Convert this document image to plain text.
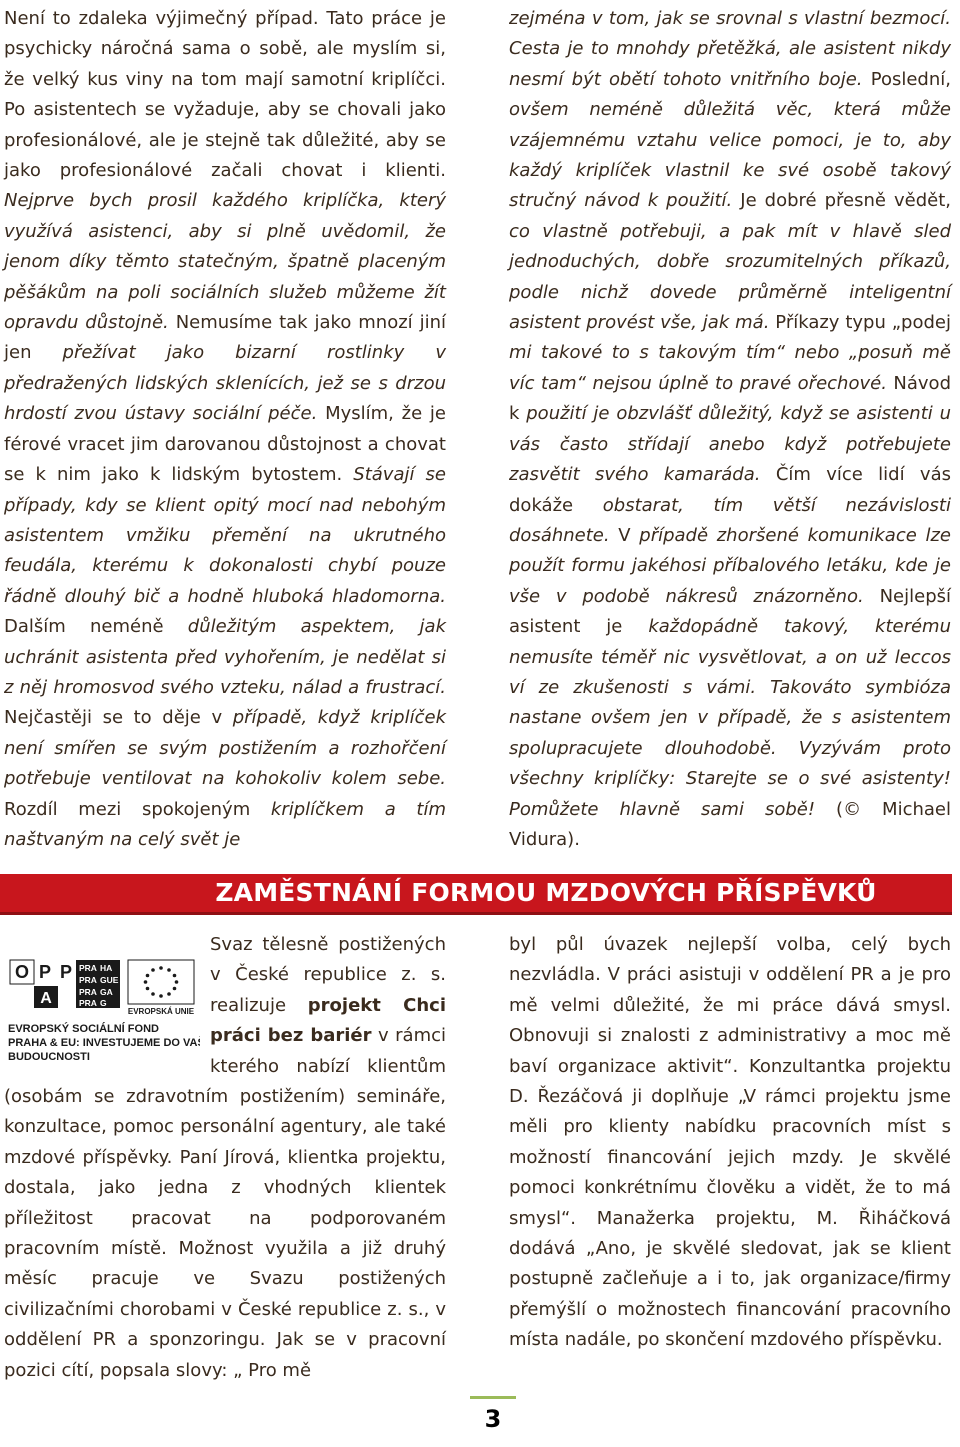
Není to zdaleka výjimečný případ. Tato práce je psychicky náročná sama o sobě, ale myslím si, že velký kus viny na tom mají samotní kriplíčci. Po asistentech se vyžaduje, aby se chovali jako profesionálové, ale je stejně tak důležité, aby se jako profesionálové začali chovat i klienti. Nejprve bych prosil každého kriplíčka, který využívá asistenci, aby si plně uvědomil, že jenom díky těmto statečným, špatně placeným pěšákům na poli sociálních služeb můžeme žít opravdu důstojně. Nemusíme tak jako mnozí jiní jen přežívat jako bizarní rostlinky v předražených lidských sklenících, jež se s drzou hrdostí zvou ústavy sociální péče. Myslím, že je férové vracet jim darovanou důstojnost a chovat se k nim jako k lidským bytostem. Stávají se případy, kdy se klient opitý mocí nad nebohým asistentem vmžiku přemění na ukrutného feudála, kterému k dokonalosti chybí pouze řádně dlouhý bič a hodně hluboká hladomorna. Dalším neméně důležitým aspektem, jak uchránit asistenta před vyhořením, je nedělat si z něj hromosvod svého vzteku, nálad a frustrací. Nejčastěji se to děje v případě, když kriplíček není smířen se svým postižením a rozhořčení potřebuje ventilovat na kohokoliv kolem sebe. Rozdíl mezi spokojeným kriplíčkem a tím naštvaným na celý svět je

zejména v tom, jak se srovnal s vlastní bezmocí. Cesta je to mnohdy přetěžká, ale asistent nikdy nesmí být obětí tohoto vnitřního boje. Poslední, ovšem neméně důležitá věc, která může vzájemnému vztahu velice pomoci, je to, aby každý kriplíček vlastnil ke své osobě takový stručný návod k použití. Je dobré přesně vědět, co vlastně potřebuji, a pak mít v hlavě sled jednoduchých, dobře srozumitelných příkazů, podle nichž dovede průměrně inteligentní asistent provést vše, jak má. Příkazy typu „podej mi takové to s takovým tím“ nebo „posuň mě víc tam“ nejsou úplně to pravé ořechové. Návod k použití je obzvlášť důležitý, když se asistenti u vás často střídají anebo když potřebujete zasvětit svého kamaráda. Čím více lidí vás dokáže obstarat, tím větší nezávislosti dosáhnete. V případě zhoršené komunikace lze použít formu jakéhosi příbalového letáku, kde je vše v podobě nákresů znázorněno. Nejlepší asistent je každopádně takový, kterému nemusíte téměř nic vysvětlovat, a on už leccos ví ze zkušenosti s vámi. Takováto symbióza nastane ovšem jen v případě, že s asistentem spolupracujete dlouhodobě. Vyzývám proto všechny kriplíčky: Starejte se o své asistenty! Pomůžete hlavně sami sobě! (© Michael Vidura).

ZAMĚSTNÁNÍ FORMOU MZDOVÝCH PŘÍSPĚVKŮ
O P P
A
PRA HA
PRA GUE
PRA GA
PRA G
EVROPSKÁ UNIE
EVROPSKÝ SOCIÁLNÍ FOND
PRAHA & EU: INVESTUJEME DO VAŠÍ
BUDOUCNOSTI
Svaz tělesně postižených v České republice z. s. realizuje projekt Chci práci bez bariér v rámci kterého nabízí klientům (osobám se zdravotním postižením) semináře, konzultace, pomoc personální agentury, ale také mzdové příspěvky. Paní Jírová, klientka projektu, dostala, jako jedna z vhodných klientek příležitost pracovat na podporovaném pracovním místě. Možnost využila a již druhý měsíc pracuje ve Svazu postižených civilizačními chorobami v České republice z. s., v oddělení PR a sponzoringu. Jak se v pracovní pozici cítí, popsala slovy: „ Pro mě
byl půl úvazek nejlepší volba, celý bych nezvládla. V práci asistuji v oddělení PR a je pro mě velmi důležité, že mi práce dává smysl. Obnovuji si znalosti z administrativy a moc mě baví organizace aktivit“. Konzultantka projektu D. Řezáčová ji doplňuje „V rámci projektu jsme měli pro klienty nabídku pracovních míst s možností financování jejich mzdy. Je skvělé pomoci konkrétnímu člověku a vidět, že to má smysl“. Manažerka projektu, M. Řiháčková dodává „Ano, je skvělé sledovat, jak se klient postupně začleňuje a i to, jak organizace/firmy přemýšlí o možnostech financování pracovního místa nadále, po skončení mzdového příspěvku.
3
